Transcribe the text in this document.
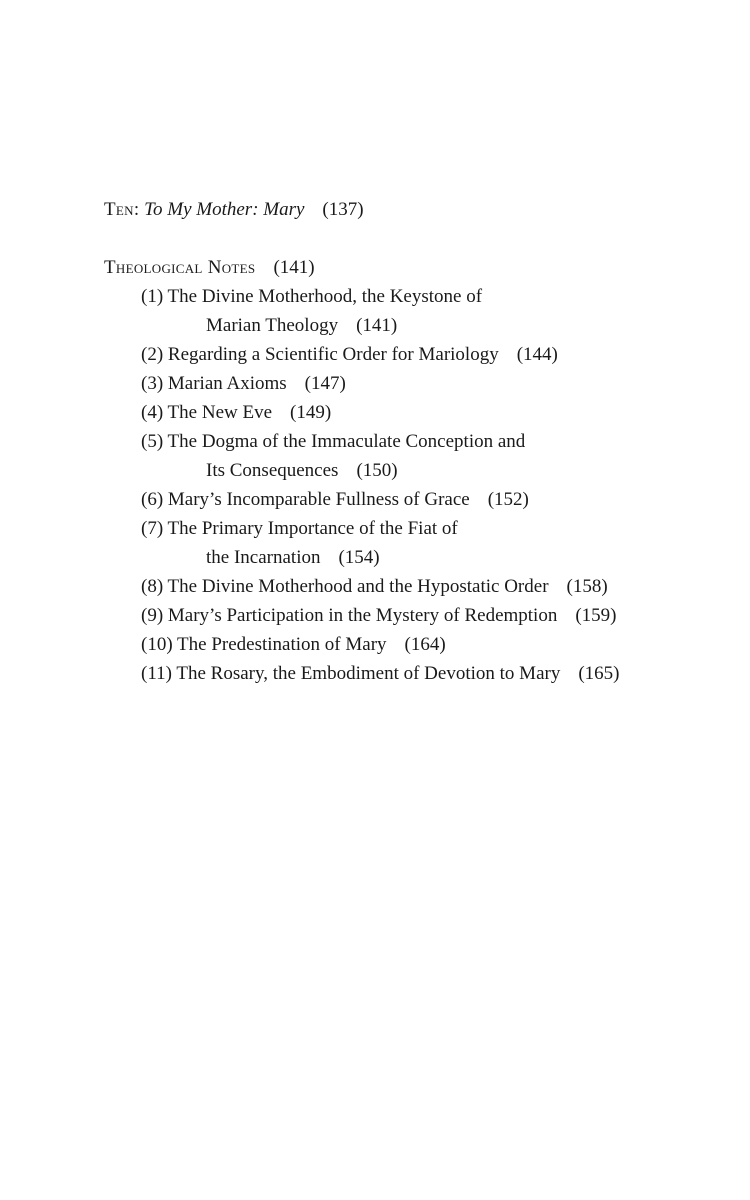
Ten: To My Mother: Mary (137)
Theological Notes (141)
(1) The Divine Motherhood, the Keystone of
Marian Theology (141)
(2) Regarding a Scientific Order for Mariology (144)
(3) Marian Axioms (147)
(4) The New Eve (149)
(5) The Dogma of the Immaculate Conception and
Its Consequences (150)
(6) Mary’s Incomparable Fullness of Grace (152)
(7) The Primary Importance of the Fiat of
the Incarnation (154)
(8) The Divine Motherhood and the Hypostatic Order (158)
(9) Mary’s Participation in the Mystery of Redemption (159)
(10) The Predestination of Mary (164)
(11) The Rosary, the Embodiment of Devotion to Mary (165)
